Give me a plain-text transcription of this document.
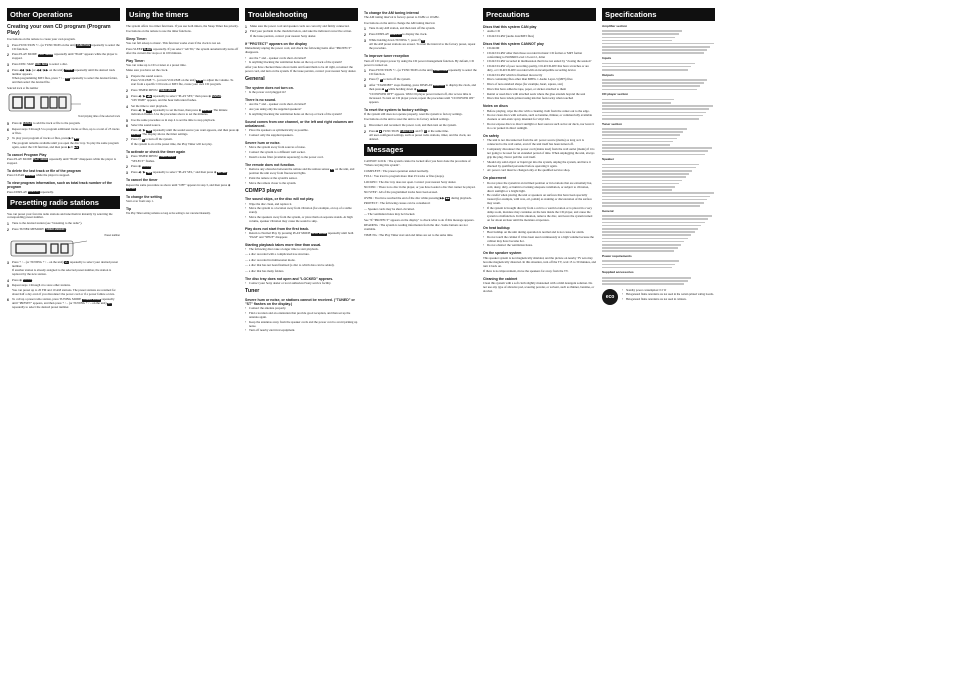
Other Operations
Creating your own CD program (Program Play)
Use buttons on the remote to create your own program.
1	Press FUNCTION +/– (or FUNCTION on the unit) FUNCTION repeatedly to select the CD function.
2	Press PLAY MODE PLAY MODE repeatedly until "PGM" appears while the player is stopped.
3	Press DISC SKIP DISC SKIP to select a disc.
4	Press ◀◀ / ▶▶ (or ◀◀ / ▶▶ on the unit) ◀◀/▶▶ repeatedly until the desired track number appears.
When programming MP3 files, press + / – +/– repeatedly to select the desired folder, and then select the desired file.
Selected track or file number
Total playing time of the selected track
5	Press ⊕ ENTER to add the track or file to the program.
6	Repeat steps 3 through 5 to program additional tracks or files, up to a total of 25 tracks or files.
7	To play your program of tracks or files, press ▶/⏸ ▶/⏸.
The program remains available until you open the disc tray. To play the same program again, select the CD function, and then press ▶/⏸ ▶/⏸.
To cancel Program Play
Press PLAY MODE PLAY MODE repeatedly until "PGM" disappears while the player is stopped.
To delete the last track or file of the program
Press CLEAR CLEAR while the player is stopped.
To view program information, such as total track number of the program
Press DISPLAY DISPLAY repeatedly.
Presetting radio stations
You can preset your favorite radio stations and tune them in instantly by selecting the corresponding preset number.
1	Tune to the desired station (see "Listening to the radio").
2	Press TUNER MEMORY TUNER MEMORY.
Preset number
3	Press + / – (or TUNING + / – on the unit) +/– repeatedly to select your desired preset number.
If another station is already assigned to the selected preset number, the station is replaced by the new station.
4	Press ⊕ ENTER.
5	Repeat steps 1 through 4 to store other stations.
You can preset up to 20 FM and 10 AM stations. The preset stations are retained for about half a day even if you disconnect the power cord or if a power failure occurs.
6	To call up a preset radio station, press TUNING MODE TUNING MODE repeatedly until "PRESET" appears, and then press + / – (or TUNING + / – on the unit) +/– repeatedly to select the desired preset number.
Using the timers
The system offers two timer functions. If you use both timers, the Sleep Timer has priority.
Use buttons on the remote to use the timer functions.
Sleep Timer:
You can fall asleep to music. This function works even if the clock is not set.
Press SLEEP SLEEP repeatedly. If you select "AUTO," the system automatically turns off after the current disc stops or in 100 minutes.
Play Timer:
You can wake up to CD or tuner at a preset time.
Make sure you have set the clock.
1	Prepare the sound source.
Press VOLUME +/– (or turn VOLUME on the unit) VOL to adjust the volume. To start from a specific CD track or MP3 file, create your own CD program.
2	Press TIMER MENU TIMER MENU.
3	Press ◀ / ▶ ◀/▶ repeatedly to select "PLAY SET," then press ⊕ ENTER.
"ON TIME" appears, and the hour indication flashes.
4	Set the time to start playback.
Press ◀ / ▶ ◀/▶ repeatedly to set the hour, then press ⊕ ENTER. The minute indication flashes. Use the procedure above to set the minutes.
5	Use the same procedure as in step 4 to set the time to stop playback.
6	Select the sound source.
Press ◀ / ▶ ◀/▶ repeatedly until the sound source you want appears, and then press ⊕ ENTER. The display shows the timer settings.
7	Press ⏻ ⏻ to turn off the system.
If the system is on at the preset time, the Play Timer will not play.
To activate or check the timer again
1	Press TIMER MENU TIMER MENU.
"SELECT" flashes.
2	Press ⊕ ENTER.
3	Press ◀ / ▶ ◀/▶ repeatedly to select "PLAY SEL," and then press ⊕ ENTER.
To cancel the timer
Repeat the same procedure as above until "OFF" appears in step 3, and then press ⊕ ENTER.
To change the setting
Start over from step 1.
Tip
The Play Timer setting remains as long as the setting is not canceled manually.
Troubleshooting
1	Make sure the power cord and speaker cords are correctly and firmly connected.
2	Find your problem in the checklist below, and take the indicated corrective action.
If the issue persists, contact your nearest Sony dealer.
If "PROTECT" appears on the display
Immediately unplug the power cord, and check the following items after "PROTECT" disappears.
• Are the + and – speaker cords short-circuited?
• Is anything blocking the ventilation holes on the top or back of the system?
After you have checked these above items and found them to be all right, reconnect the power cord, and turn on the system. If the issue persists, contact your nearest Sony dealer.
General
The system does not turn on.
• Is the power cord plugged in?
There is no sound.
• Are the + and – speaker cords short-circuited?
• Are you using only the supplied speakers?
• Is anything blocking the ventilation holes on the top or back of the system?
Sound comes from one channel, or the left and right volumes are unbalanced.
• Place the speakers as symmetrically as possible.
• Connect only the supplied speakers.
Severe hum or noise.
• Move the system away from sources of noise.
• Connect the system to a different wall socket.
• Install a noise filter (available separately) to the power cord.
The remote does not function.
• Remove any obstacles between the remote and the remote sensor 21 on the unit, and position the unit away from fluorescent lights.
• Point the remote at the system's sensor.
• Move the remote closer to the system.
CD/MP3 player
The sound skips, or the disc will not play.
• Wipe the disc clean, and replace it.
• Move the system to a location away from vibration (for example, on top of a stable stand).
• Move the speakers away from the system, or place them on separate stands. At high volume, speaker vibration may cause the sound to skip.
Play does not start from the first track.
• Return to Normal Play by pressing PLAY MODE PLAY MODE repeatedly until both "PGM" and "SHUF" disappear.
Starting playback takes more time than usual.
• The following discs take a longer time to start playback.
— a disc recorded with a complicated tree structure.
— a disc recorded in multisession mode.
— a disc that has not been finalized (a disc to which data can be added).
— a disc that has many folders.
The disc tray does not open and "LOCKED" appears.
• Contact your Sony dealer or local authorized Sony service facility.
Tuner
Severe hum or noise, or stations cannot be received. ("TUNED" or "ST" flashes on the display.)
• Connect the antenna properly.
• Find a location and an orientation that provide good reception, and then set up the antenna again.
• Keep the antennas away from the speaker cords and the power cord to avoid picking up noise.
• Turn off nearby electrical equipment.
To change the AM tuning interval
The AM tuning interval is factory-preset to 9 kHz or 10 kHz.
Use buttons on the unit to change the AM tuning interval.
1	Tune in any AM station, and then turn off the system.
2	Press DISPLAY DISPLAY to display the clock.
3	While holding down TUNING +, press ⏻ ⏻.
All the AM preset stations are erased. To reset the interval to the factory preset, repeat the procedure.
To improve tuner reception
Turn off CD player power by using the CD power management function. By default, CD power is turned on.
1	Press FUNCTION +/– (or FUNCTION on the unit) FUNCTION repeatedly to select the CD function.
2	Press ⏻ ⏻ to turn off the system.
3	After "STANDBY" stops flashing, press DISPLAY DISPLAY to display the clock, and then press ■ ■ while holding down ⊕ ENTER.
"CD POWER OFF" appears. With CD player power turned off, disc access time is increased. To turn on CD player power, repeat the procedure until "CD POWER ON" appears.
To reset the system to factory settings
If the system still does not operate properly, reset the system to factory settings.
Use buttons on the unit to reset the unit to its factory default settings.
1	Disconnect and reconnect the power cord, and then turn on the system.
2	Press ■ ■, FUNCTION FUNCTION, and ⏻ ⏻ at the same time.
All user-configured settings, such as preset radio stations, timer, and the clock, are deleted.
Messages
CANNOT LOCK : The system cannot be locked after you have done the procedure of "When carrying this system".
COMPLETE : The preset operation ended normally.
FULL : You tried to program more than 25 tracks or files (steps).
LOCKED : The disc tray does not open. Contact your nearest Sony dealer.
NO DISC : There is no disc in the player, or you have loaded a disc that cannot be played.
NO STEP : All of the programmed tracks have been erased.
OVER : You have reached the end of the disc while pressing ▶▶ ▶▶ during playback.
PROTECT : The following causes can be considered:
— Speaker cords may be short-circuited.
— The ventilation holes may be blocked.
See "If "PROTECT" appears on the display" to check what to do if this message appears.
READING : The system is reading information from the disc. Some buttons are not available.
TIME NG : The Play Timer start and end times are set to the same time.
Precautions
Discs that this system CAN play
• Audio CD
• CD-R/CD-RW (audio data/MP3 files)
Discs that this system CANNOT play
• CD-ROM
• CD-R/CD-RW other than those recorded in music CD format or MP3 format conforming to ISO9660 Level 1/Level 2, Joliet
• CD-R/CD-RW recorded in multisession that have not ended by "closing the session"
• CD-R/CD-RW of poor recording quality, CD-R/CD-RW that have scratches or are dirty, or CD-R/CD-RW recorded with an incompatible recording device
• CD-R/CD-RW which is finalized incorrectly
• Discs containing files other than MPEG 1 Audio Layer-3 (MP3) files
• Discs of non-standard shape (for example, heart, square, star)
• Discs that have adhesive tape, paper, or sticker attached to them
• Rental or used discs with attached seals where the glue extends beyond the seal
• Discs that have labels printed using ink that feels tacky when touched
Notes on discs
• Before playing, wipe the disc with a cleaning cloth from the center out to the edge.
• Do not clean discs with solvents, such as benzine, thinner, or commercially available cleaners or anti-static spray intended for vinyl LPs.
• Do not expose discs to direct sunlight or heat sources such as hot air ducts, nor leave it in a car parked in direct sunlight.
On safety
• The unit is not disconnected from the AC power source (mains) as long as it is connected to the wall outlet, even if the unit itself has been turned off.
• Completely disconnect the power cord (mains lead) from the wall outlet (mains) if it is not going to be used for an extended period of time. When unplugging the unit, always grip the plug. Never pull the cord itself.
• Should any solid object or liquid get into the system, unplug the system, and have it checked by qualified personnel before operating it again.
• AC power cord must be changed only at the qualified service shop.
On placement
• Do not place the system in an inclined position or in locations that are extremely hot, cold, dusty, dirty, or humid or lacking adequate ventilation, or subject to vibration, direct sunlight or a bright light.
• Be careful when placing the unit or speakers on surfaces that have been specially treated (for example, with wax, oil, polish) as staining or discoloration of the surface may result.
• If the system is brought directly from a cold to a warm location or is placed in a very damp room, moisture may condense on the lens inside the CD player, and cause the system to malfunction. In this situation, remove the disc, and leave the system turned on for about an hour until the moisture evaporates.
On heat buildup
• Heat buildup on the unit during operation is normal and is not cause for alarm.
• Do not touch the cabinet if it has been used continuously at a high volume because the cabinet may have become hot.
• Do not obstruct the ventilation holes.
On the speaker system
This speaker system is not magnetically shielded, and the picture on nearby TV sets may become magnetically distorted. In this situation, turn off the TV, wait 15 to 30 minutes, and turn it back on.
If there is no improvement, move the speakers far away from the TV.
Cleaning the cabinet
Clean this system with a soft cloth slightly moistened with a mild detergent solution. Do not use any type of abrasive pad, scouring powder, or solvent, such as thinner, benzine, or alcohol.
Specifications
Amplifier section
Inputs
Outputs
CD player section
Tuner section
Speaker
General
Power requirements
Supplied accessories
eco
•	Standby power consumption: 0.5 W
•	Halogenated flame retardants are not used in the certain printed wiring boards.
•	Halogenated flame retardants are not used in cabinets.
